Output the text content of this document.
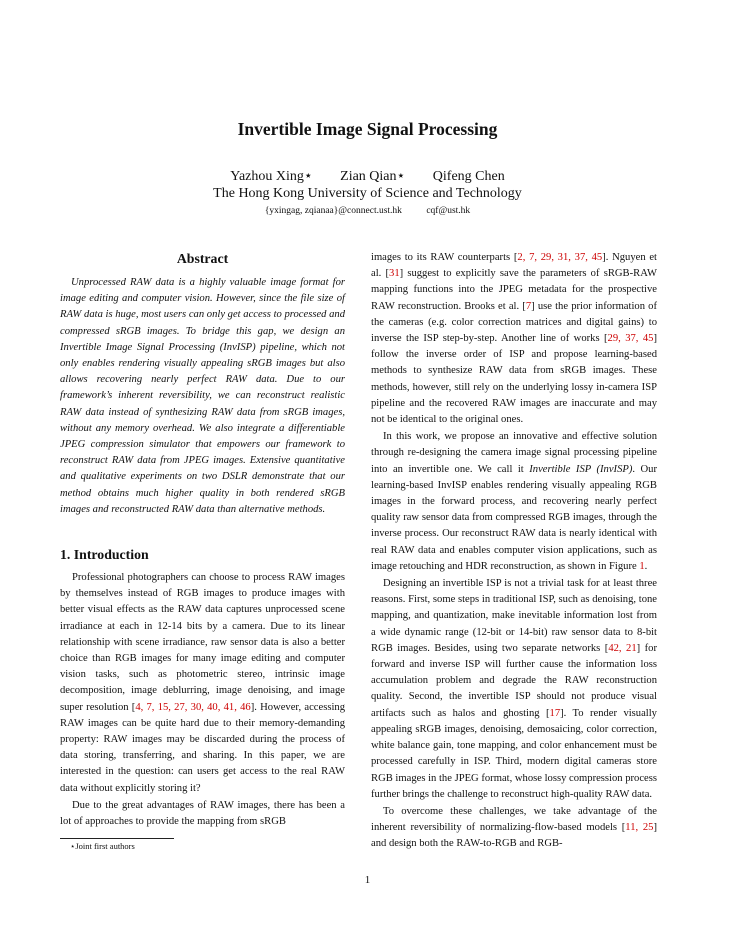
Invertible Image Signal Processing
Yazhou Xing⋆ Zian Qian⋆ Qifeng Chen
The Hong Kong University of Science and Technology
{yxingag, zqianaa}@connect.ust.hk	cqf@ust.hk
Abstract

Unprocessed RAW data is a highly valuable image format for image editing and computer vision. However, since the file size of RAW data is huge, most users can only get access to processed and compressed sRGB images. To bridge this gap, we design an Invertible Image Signal Processing (InvISP) pipeline, which not only enables rendering visually appealing sRGB images but also allows recovering nearly perfect RAW data. Due to our framework’s inherent reversibility, we can reconstruct realistic RAW data instead of synthesizing RAW data from sRGB images, without any memory overhead. We also integrate a differentiable JPEG compression simulator that empowers our framework to reconstruct RAW data from JPEG images. Extensive quantitative and qualitative experiments on two DSLR demonstrate that our method obtains much higher quality in both rendered sRGB images and reconstructed RAW data than alternative methods.

1. Introduction

Professional photographers can choose to process RAW images by themselves instead of RGB images to produce images with better visual effects as the RAW data captures unprocessed scene irradiance at each in 12-14 bits by a camera. Due to its linear relationship with scene irradiance, raw sensor data is also a better choice than RGB images for many image editing and computer vision tasks, such as photometric stereo, intrinsic image decomposition, image deblurring, image denoising, and image super resolution [4, 7, 15, 27, 30, 40, 41, 46]. However, accessing RAW images can be quite hard due to their memory-demanding property: RAW images may be discarded during the process of data storing, transferring, and sharing. In this paper, we are interested in the question: can users get access to the real RAW data without explicitly storing it?

Due to the great advantages of RAW images, there has been a lot of approaches to provide the mapping from sRGB

images to its RAW counterparts [2, 7, 29, 31, 37, 45]. Nguyen et al. [31] suggest to explicitly save the parameters of sRGB-RAW mapping functions into the JPEG metadata for the prospective RAW reconstruction. Brooks et al. [7] use the prior information of the cameras (e.g. color correction matrices and digital gains) to inverse the ISP step-by-step. Another line of works [29, 37, 45] follow the inverse order of ISP and propose learning-based methods to synthesize RAW data from sRGB images. These methods, however, still rely on the underlying lossy in-camera ISP pipeline and the recovered RAW images are inaccurate and may not be identical to the original ones.

In this work, we propose an innovative and effective solution through re-designing the camera image signal processing pipeline into an invertible one. We call it Invertible ISP (InvISP). Our learning-based InvISP enables rendering visually appealing RGB images in the forward process, and recovering nearly perfect quality raw sensor data from compressed RGB images, through the inverse process. Our reconstruct RAW data is nearly identical with real RAW data and enables computer vision applications, such as image retouching and HDR reconstruction, as shown in Figure 1.

Designing an invertible ISP is not a trivial task for at least three reasons. First, some steps in traditional ISP, such as denoising, tone mapping, and quantization, make inevitable information lost from a wide dynamic range (12-bit or 14-bit) raw sensor data to 8-bit RGB images. Besides, using two separate networks [42, 21] for forward and inverse ISP will further cause the information loss accumulation problem and degrade the RAW reconstruction quality. Second, the invertible ISP should not produce visual artifacts such as halos and ghosting [17]. To render visually appealing sRGB images, denoising, demosaicing, color correction, white balance gain, tone mapping, and color enhancement must be processed carefully in ISP. Third, modern digital cameras store RGB images in the JPEG format, whose lossy compression process further brings the challenge to reconstruct high-quality RAW data.

To overcome these challenges, we take advantage of the inherent reversibility of normalizing-flow-based models [11, 25] and design both the RAW-to-RGB and RGB-

⋆Joint first authors
1
